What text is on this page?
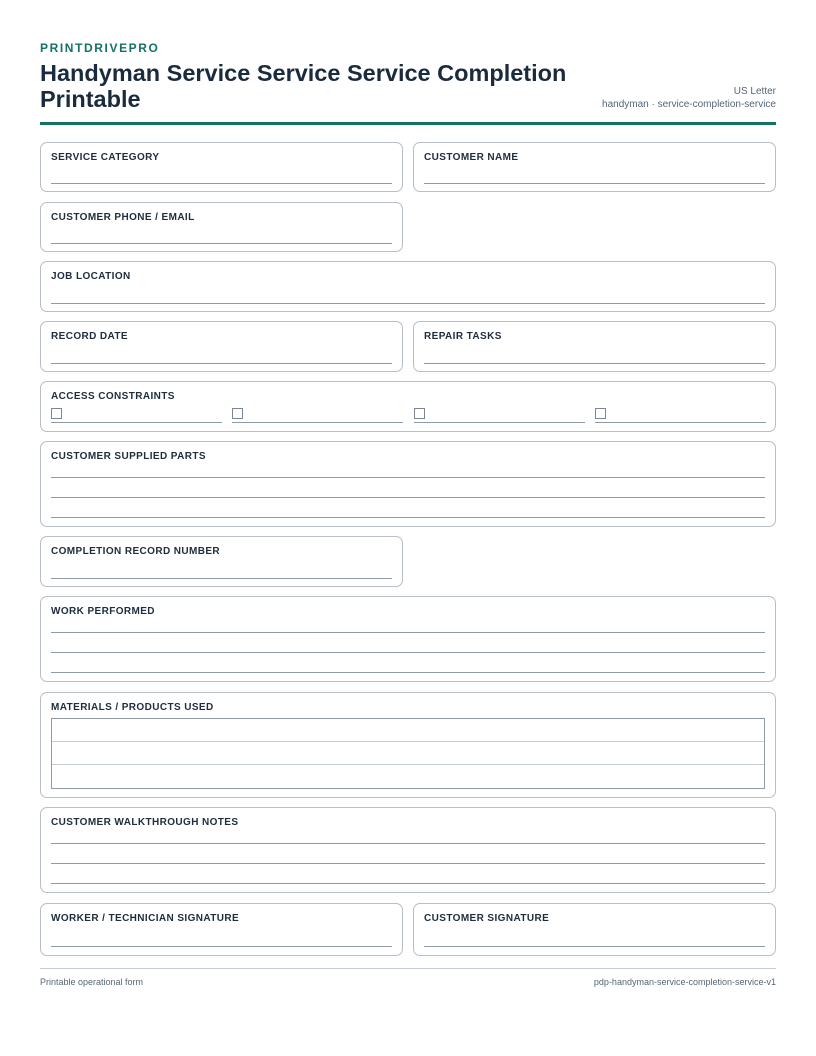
PRINTDRIVEPRO
Handyman Service Service Service Completion Printable	US Letter
handyman · service-completion-service
SERVICE CATEGORY	CUSTOMER NAME
CUSTOMER PHONE / EMAIL
JOB LOCATION
RECORD DATE	REPAIR TASKS
ACCESS CONSTRAINTS
CUSTOMER SUPPLIED PARTS
COMPLETION RECORD NUMBER
WORK PERFORMED
MATERIALS / PRODUCTS USED
CUSTOMER WALKTHROUGH NOTES
WORKER / TECHNICIAN SIGNATURE	CUSTOMER SIGNATURE
Printable operational form	pdp-handyman-service-completion-service-v1
